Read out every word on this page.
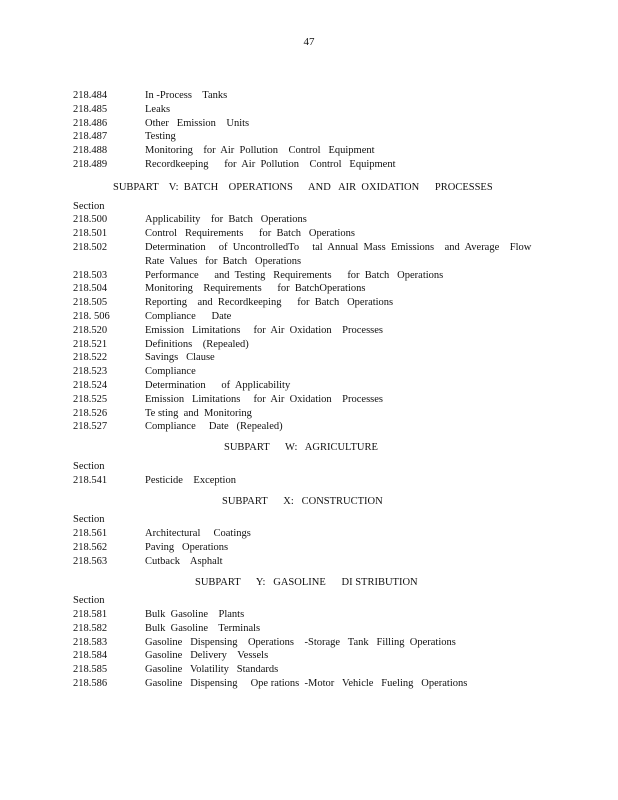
47
218.484	In -Process    Tanks
218.485	Leaks
218.486	Other   Emission    Units
218.487	Testing
218.488	Monitoring    for  Air  Pollution    Control   Equipment
218.489	Recordkeeping      for  Air  Pollution    Control   Equipment
SUBPART    V:  BATCH    OPERATIONS      AND   AIR  OXIDATION      PROCESSES
Section
218.500	Applicability    for  Batch   Operations
218.501	Control   Requirements      for  Batch   Operations
218.502	Determination     of  UncontrolledTo     tal  Annual  Mass  Emissions    and  Average    Flow
Rate  Values   for  Batch   Operations
218.503	Performance      and  Testing   Requirements      for  Batch   Operations
218.504	Monitoring    Requirements      for  BatchOperations
218.505	Reporting    and  Recordkeeping      for  Batch   Operations
218. 506	Compliance      Date
218.520	Emission   Limitations     for  Air  Oxidation    Processes
218.521	Definitions    (Repealed)
218.522	Savings   Clause
218.523	Compliance
218.524	Determination      of  Applicability
218.525	Emission   Limitations     for  Air  Oxidation    Processes
218.526	Te sting  and  Monitoring
218.527	Compliance     Date   (Repealed)
SUBPART      W:   AGRICULTURE
Section
218.541	Pesticide    Exception
SUBPART      X:   CONSTRUCTION
Section
218.561	Architectural     Coatings
218.562	Paving   Operations
218.563	Cutback    Asphalt
SUBPART      Y:   GASOLINE      DI STRIBUTION
Section
218.581	Bulk  Gasoline    Plants
218.582	Bulk  Gasoline    Terminals
218.583	Gasoline   Dispensing    Operations    -Storage   Tank   Filling  Operations
218.584	Gasoline   Delivery    Vessels
218.585	Gasoline   Volatility   Standards
218.586	Gasoline   Dispensing     Ope rations  -Motor   Vehicle   Fueling   Operations
